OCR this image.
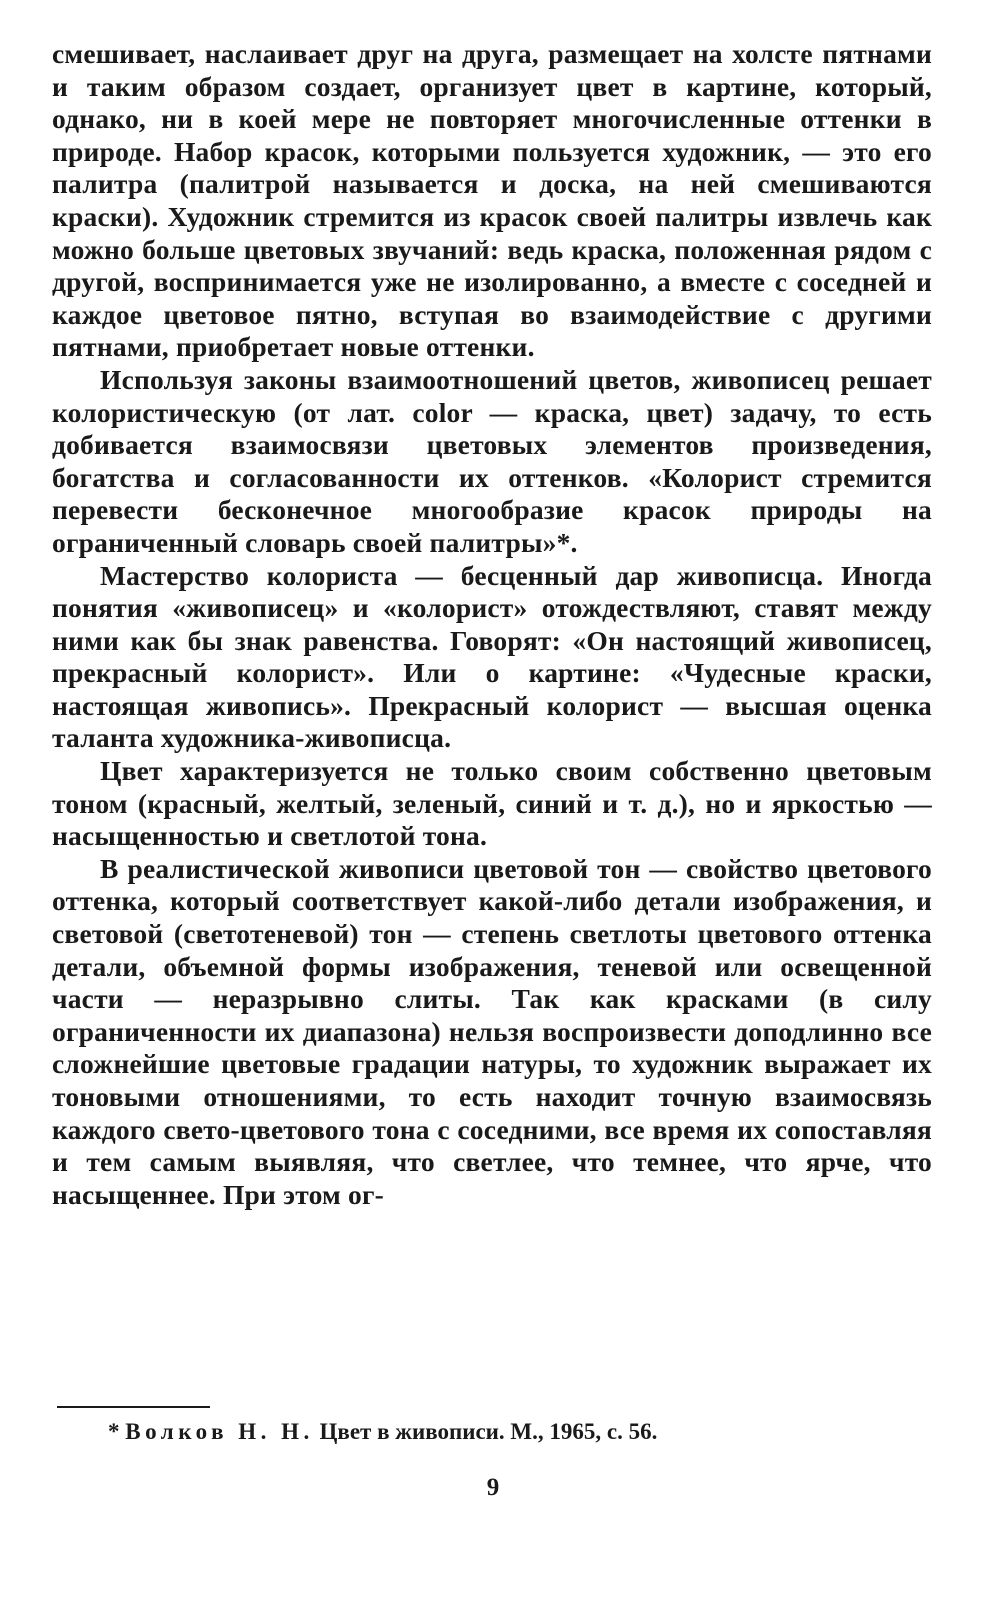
смешивает, наслаивает друг на друга, размещает на холсте пятнами и таким образом создает, организует цвет в картине, который, однако, ни в коей мере не повторяет многочисленные оттенки в природе. Набор красок, которыми пользуется художник, — это его палитра (палитрой называется и доска, на ней смешиваются краски). Художник стремится из красок своей палитры извлечь как можно больше цветовых звучаний: ведь краска, положенная рядом с другой, воспринимается уже не изолированно, а вместе с соседней и каждое цветовое пятно, вступая во взаимодействие с другими пятнами, приобретает новые оттенки.

Используя законы взаимоотношений цветов, живописец решает колористическую (от лат. color — краска, цвет) задачу, то есть добивается взаимосвязи цветовых элементов произведения, богатства и согласованности их оттенков. «Колорист стремится перевести бесконечное многообразие красок природы на ограниченный словарь своей палитры»*.

Мастерство колориста — бесценный дар живописца. Иногда понятия «живописец» и «колорист» отождествляют, ставят между ними как бы знак равенства. Говорят: «Он настоящий живописец, прекрасный колорист». Или о картине: «Чудесные краски, настоящая живопись». Прекрасный колорист — высшая оценка таланта художника-живописца.

Цвет характеризуется не только своим собственно цветовым тоном (красный, желтый, зеленый, синий и т. д.), но и яркостью — насыщенностью и светлотой тона.

В реалистической живописи цветовой тон — свойство цветового оттенка, который соответствует какой-либо детали изображения, и световой (светотеневой) тон — степень светлоты цветового оттенка детали, объемной формы изображения, теневой или освещенной части — неразрывно слиты. Так как красками (в силу ограниченности их диапазона) нельзя воспроизвести доподлинно все сложнейшие цветовые градации натуры, то художник выражает их тоновыми отношениями, то есть находит точную взаимосвязь каждого свето-цветового тона с соседними, все время их сопоставляя и тем самым выявляя, что светлее, что темнее, что ярче, что насыщеннее. При этом ог-

* Волков Н. Н. Цвет в живописи. М., 1965, с. 56.

9
